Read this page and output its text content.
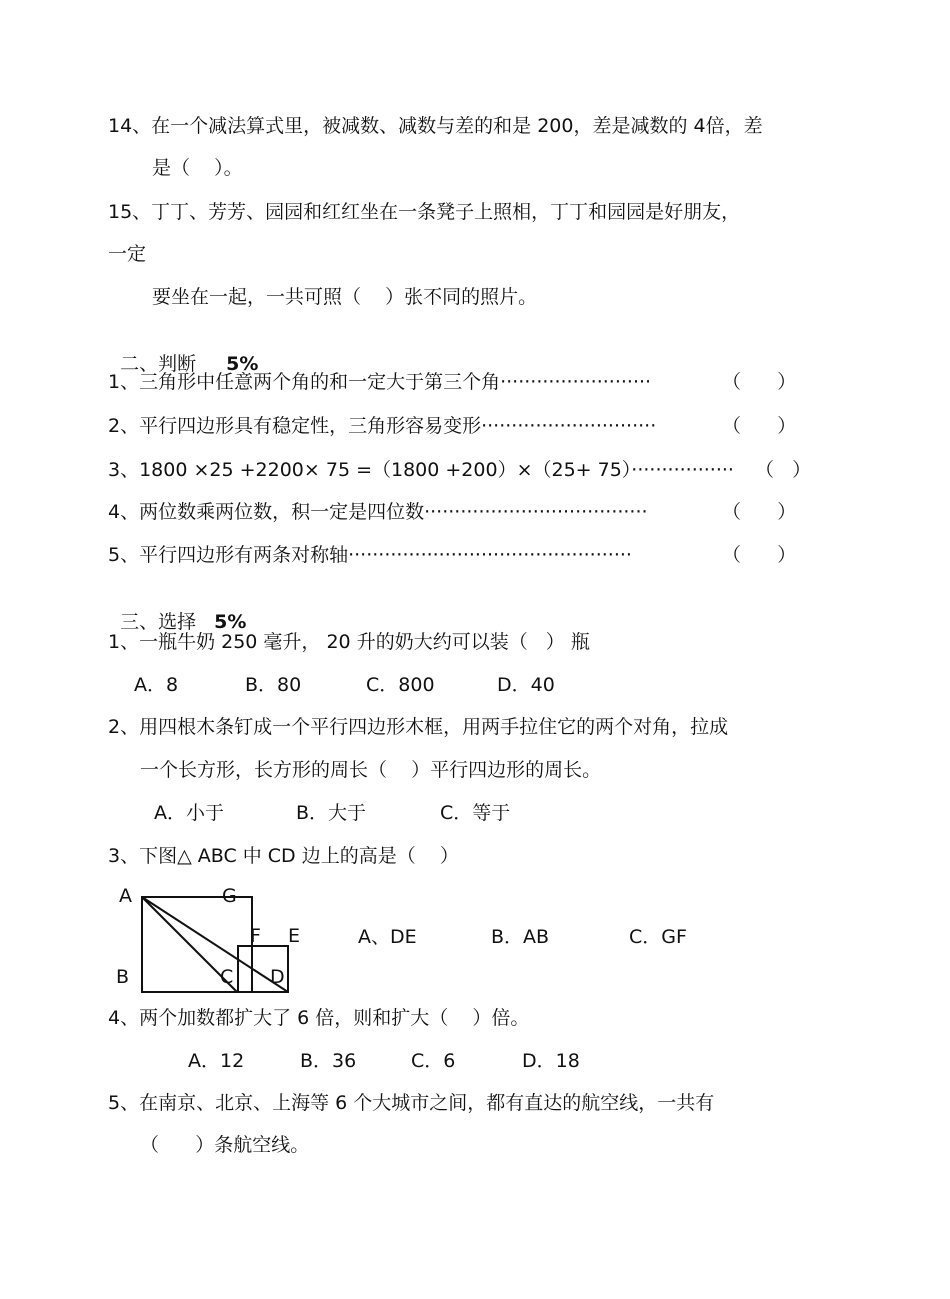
14、在一个减法算式里，被减数、减数与差的和是 200，差是减数的 4倍，差
是（    ）。
15、丁丁、芳芳、园园和红红坐在一条凳子上照相，丁丁和园园是好朋友，
一定
要坐在一起，一共可照（    ）张不同的照片。

二、判断 5%

1、三角形中任意两个角的和一定大于第三个角·························	（      ）
2、平行四边形具有稳定性，三角形容易变形·····························	（      ）
3、1800 ×25 +2200× 75 =（1800 +200）×（25+ 75）·················	（   ）
4、两位数乘两位数，积一定是四位数·····································	（      ）
5、平行四边形有两条对称轴···············································	（      ）

三、选择 5%

1、一瓶牛奶 250 毫升， 20 升的奶大约可以装（   ） 瓶
A．8	B．80	C．800	D．40
2、用四根木条钉成一个平行四边形木框，用两手拉住它的两个对角，拉成
一个长方形，长方形的周长（    ）平行四边形的周长。
A．小于	B．大于	C．等于
3、下图△ ABC 中 CD 边上的高是（    ）
A	G
F E
B	C D
A、DE	B．AB	C．GF
4、两个加数都扩大了 6 倍，则和扩大（    ）倍。
A．12	B．36	C．6	D．18
5、在南京、北京、上海等 6 个大城市之间，都有直达的航空线，一共有
（      ）条航空线。
